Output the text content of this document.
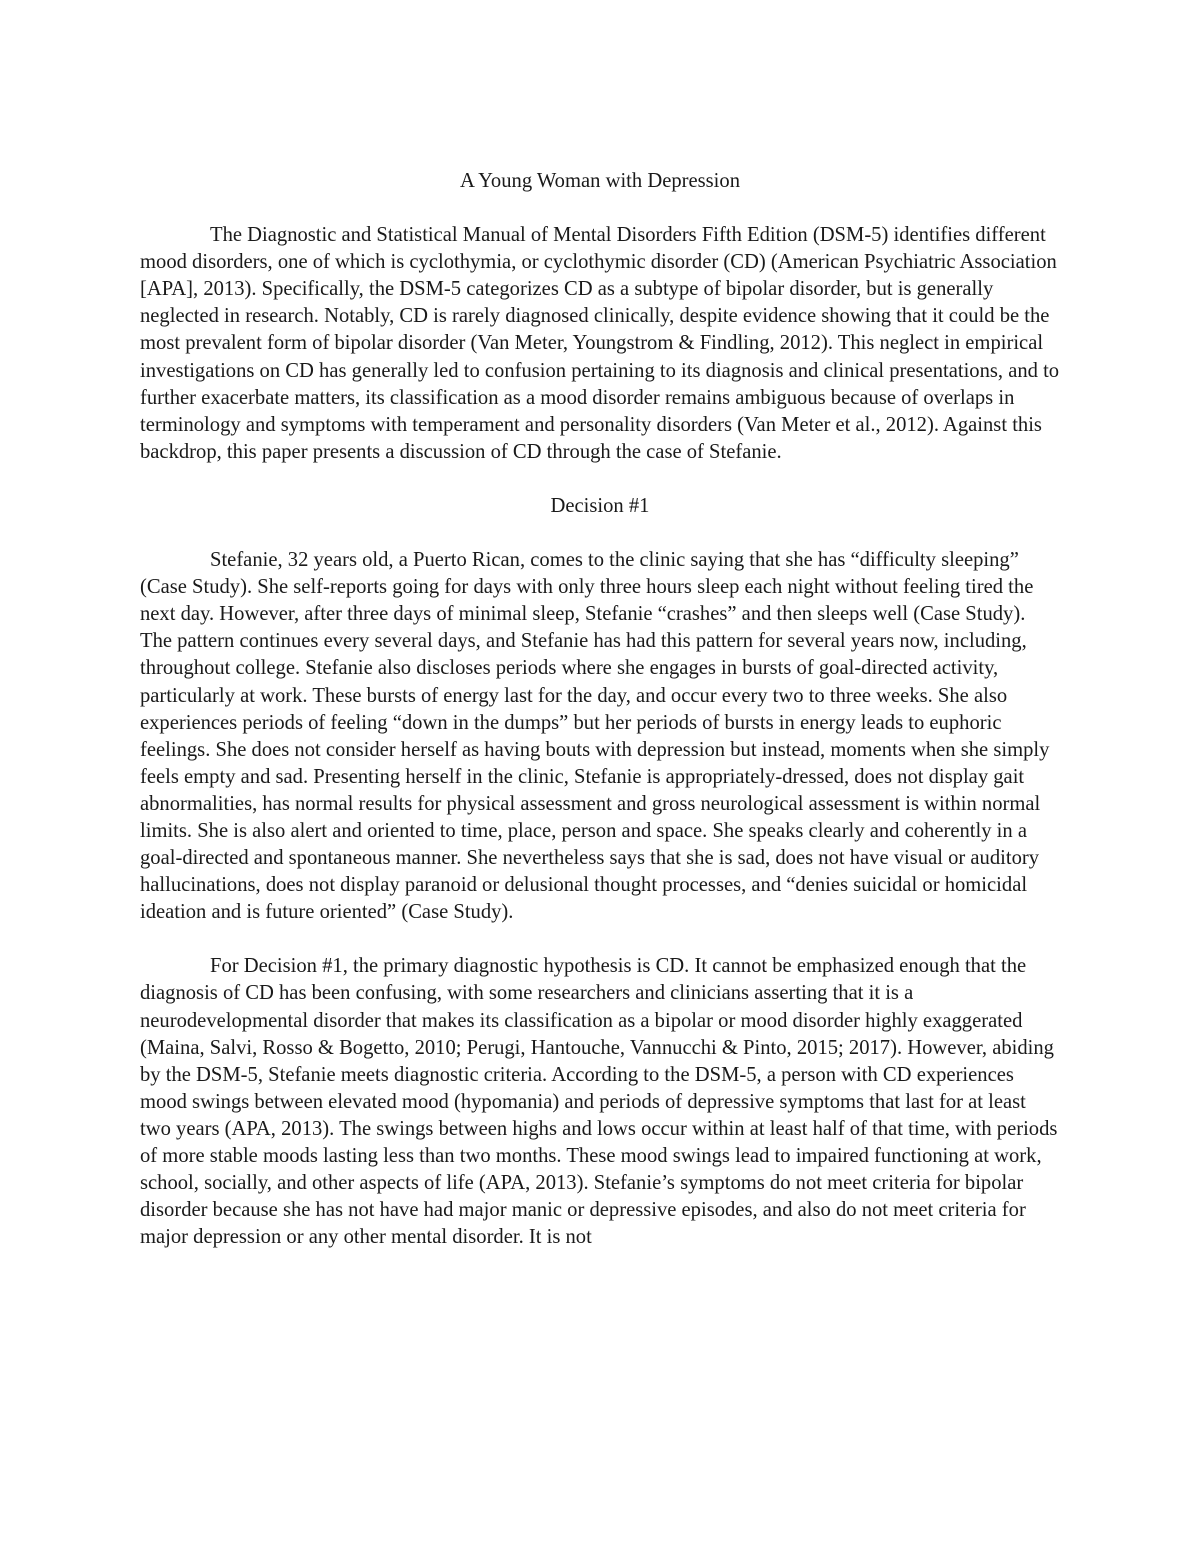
A Young Woman with Depression

The Diagnostic and Statistical Manual of Mental Disorders Fifth Edition (DSM-5) identifies different mood disorders, one of which is cyclothymia, or cyclothymic disorder (CD) (American Psychiatric Association [APA], 2013). Specifically, the DSM-5 categorizes CD as a subtype of bipolar disorder, but is generally neglected in research. Notably, CD is rarely diagnosed clinically, despite evidence showing that it could be the most prevalent form of bipolar disorder (Van Meter, Youngstrom & Findling, 2012). This neglect in empirical investigations on CD has generally led to confusion pertaining to its diagnosis and clinical presentations, and to further exacerbate matters, its classification as a mood disorder remains ambiguous because of overlaps in terminology and symptoms with temperament and personality disorders (Van Meter et al., 2012). Against this backdrop, this paper presents a discussion of CD through the case of Stefanie.

Decision #1

Stefanie, 32 years old, a Puerto Rican, comes to the clinic saying that she has “difficulty sleeping” (Case Study). She self-reports going for days with only three hours sleep each night without feeling tired the next day. However, after three days of minimal sleep, Stefanie “crashes” and then sleeps well (Case Study). The pattern continues every several days, and Stefanie has had this pattern for several years now, including, throughout college. Stefanie also discloses periods where she engages in bursts of goal-directed activity, particularly at work. These bursts of energy last for the day, and occur every two to three weeks. She also experiences periods of feeling “down in the dumps” but her periods of bursts in energy leads to euphoric feelings. She does not consider herself as having bouts with depression but instead, moments when she simply feels empty and sad. Presenting herself in the clinic, Stefanie is appropriately-dressed, does not display gait abnormalities, has normal results for physical assessment and gross neurological assessment is within normal limits. She is also alert and oriented to time, place, person and space. She speaks clearly and coherently in a goal-directed and spontaneous manner. She nevertheless says that she is sad, does not have visual or auditory hallucinations, does not display paranoid or delusional thought processes, and “denies suicidal or homicidal ideation and is future oriented” (Case Study).

For Decision #1, the primary diagnostic hypothesis is CD. It cannot be emphasized enough that the diagnosis of CD has been confusing, with some researchers and clinicians asserting that it is a neurodevelopmental disorder that makes its classification as a bipolar or mood disorder highly exaggerated (Maina, Salvi, Rosso & Bogetto, 2010; Perugi, Hantouche, Vannucchi & Pinto, 2015; 2017). However, abiding by the DSM-5, Stefanie meets diagnostic criteria. According to the DSM-5, a person with CD experiences mood swings between elevated mood (hypomania) and periods of depressive symptoms that last for at least two years (APA, 2013). The swings between highs and lows occur within at least half of that time, with periods of more stable moods lasting less than two months. These mood swings lead to impaired functioning at work, school, socially, and other aspects of life (APA, 2013). Stefanie’s symptoms do not meet criteria for bipolar disorder because she has not have had major manic or depressive episodes, and also do not meet criteria for major depression or any other mental disorder. It is not
